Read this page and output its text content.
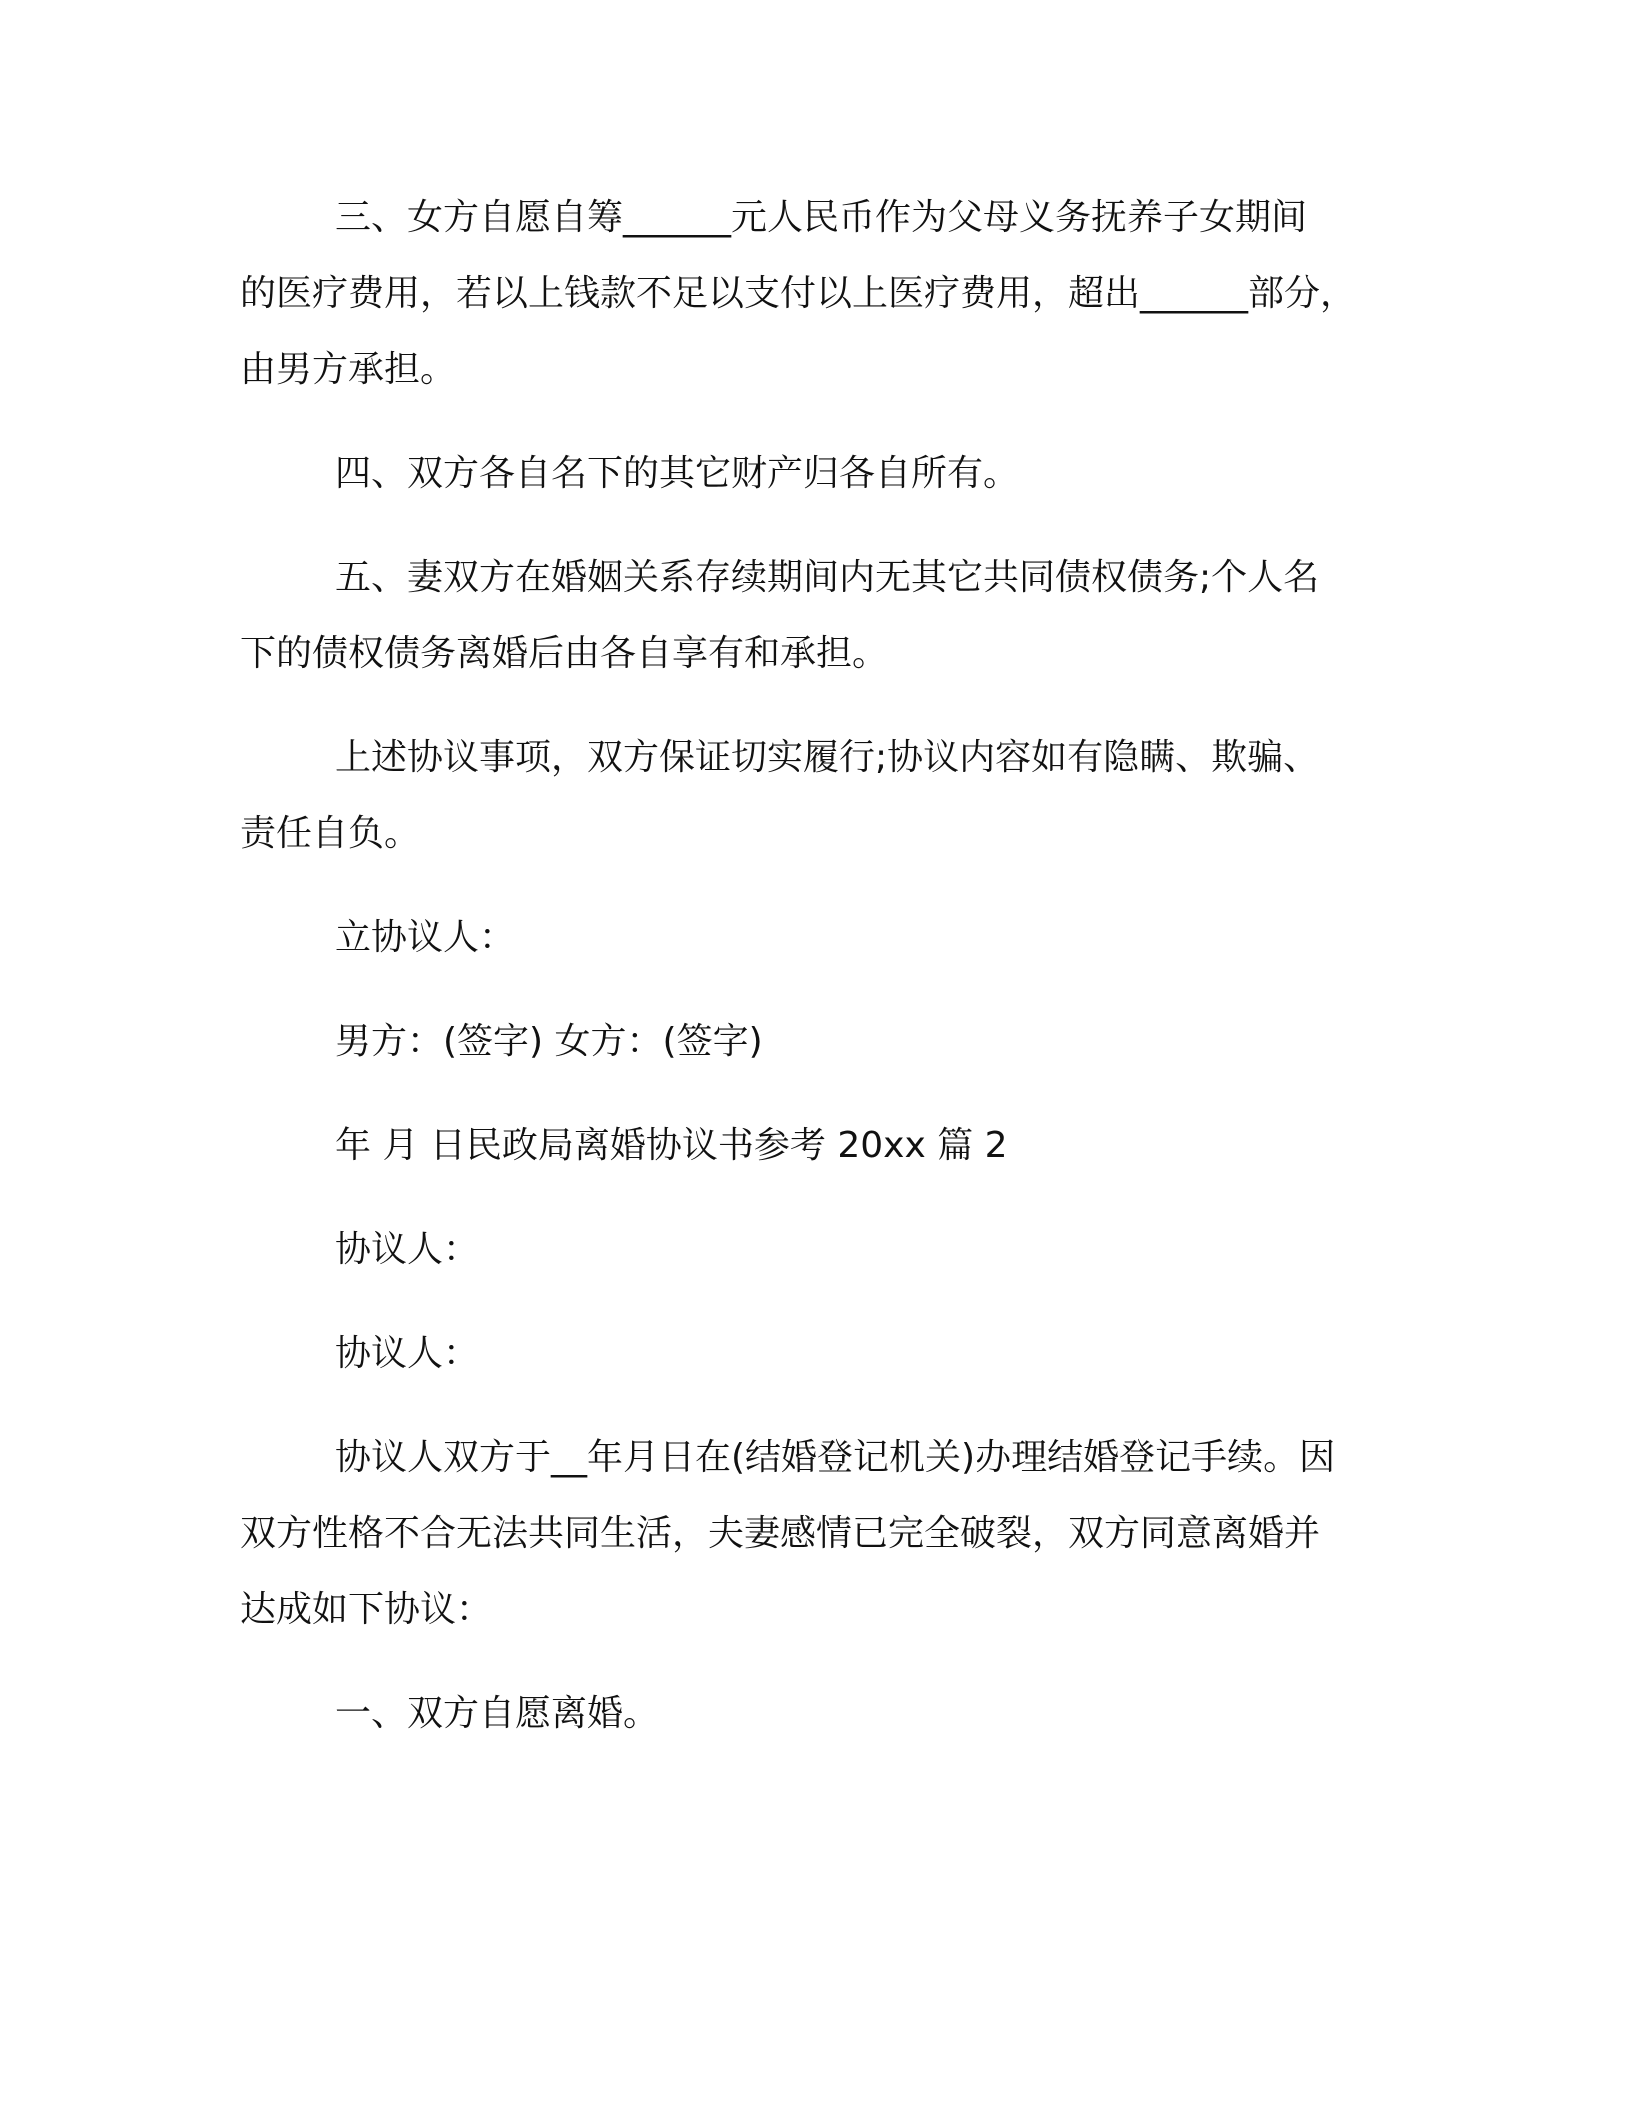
三、女方自愿自筹______元人民币作为父母义务抚养子女期间
的医疗费用，若以上钱款不足以支付以上医疗费用，超出______部分，
由男方承担。
四、双方各自名下的其它财产归各自所有。
五、妻双方在婚姻关系存续期间内无其它共同债权债务;个人名
下的债权债务离婚后由各自享有和承担。
上述协议事项，双方保证切实履行;协议内容如有隐瞒、欺骗、
责任自负。
立协议人：
男方：(签字) 女方：(签字)
年 月 日民政局离婚协议书参考 20xx 篇 2
协议人：
协议人：
协议人双方于__年月日在(结婚登记机关)办理结婚登记手续。因
双方性格不合无法共同生活，夫妻感情已完全破裂，双方同意离婚并
达成如下协议：
一、双方自愿离婚。
